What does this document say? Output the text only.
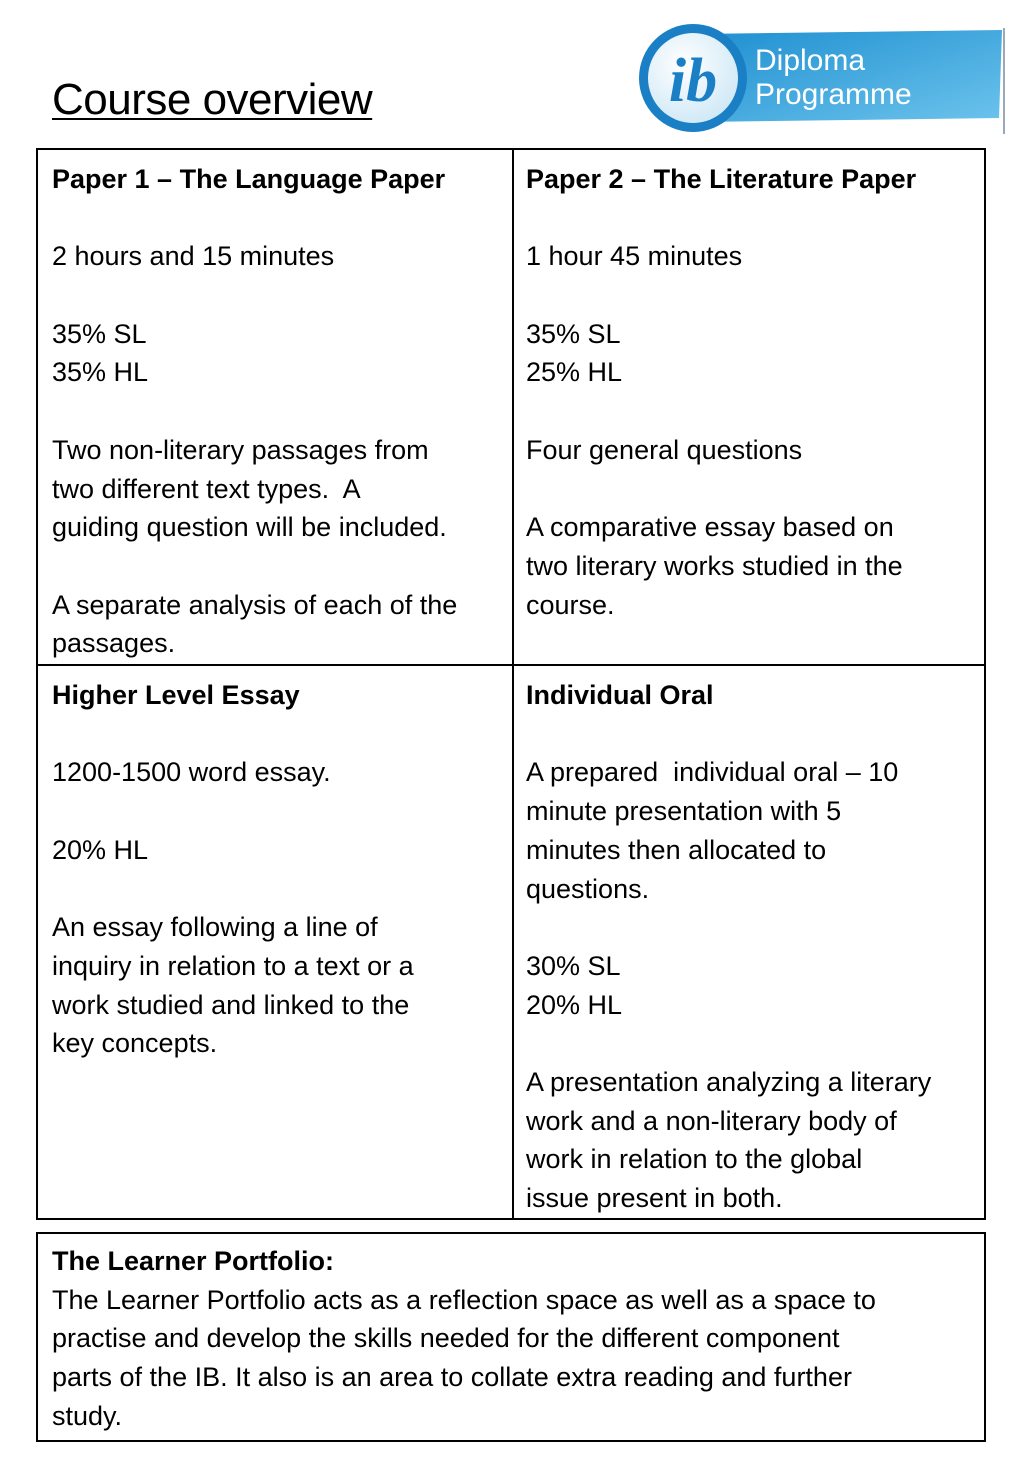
Course overview	ib Diploma
Programme
Paper 1 – The Language Paper
2 hours and 15 minutes
35% SL
35% HL
Two non-literary passages from
two different text types.  A
guiding question will be included.
A separate analysis of each of the
passages.
Paper 2 – The Literature Paper
1 hour 45 minutes
35% SL
25% HL
Four general questions
A comparative essay based on
two literary works studied in the
course.
Higher Level Essay
1200-1500 word essay.
20% HL
An essay following a line of
inquiry in relation to a text or a
work studied and linked to the
key concepts.
Individual Oral
A prepared  individual oral – 10
minute presentation with 5
minutes then allocated to
questions.
30% SL
20% HL
A presentation analyzing a literary
work and a non-literary body of
work in relation to the global
issue present in both.
The Learner Portfolio:
The Learner Portfolio acts as a reflection space as well as a space to
practise and develop the skills needed for the different component
parts of the IB. It also is an area to collate extra reading and further
study.
